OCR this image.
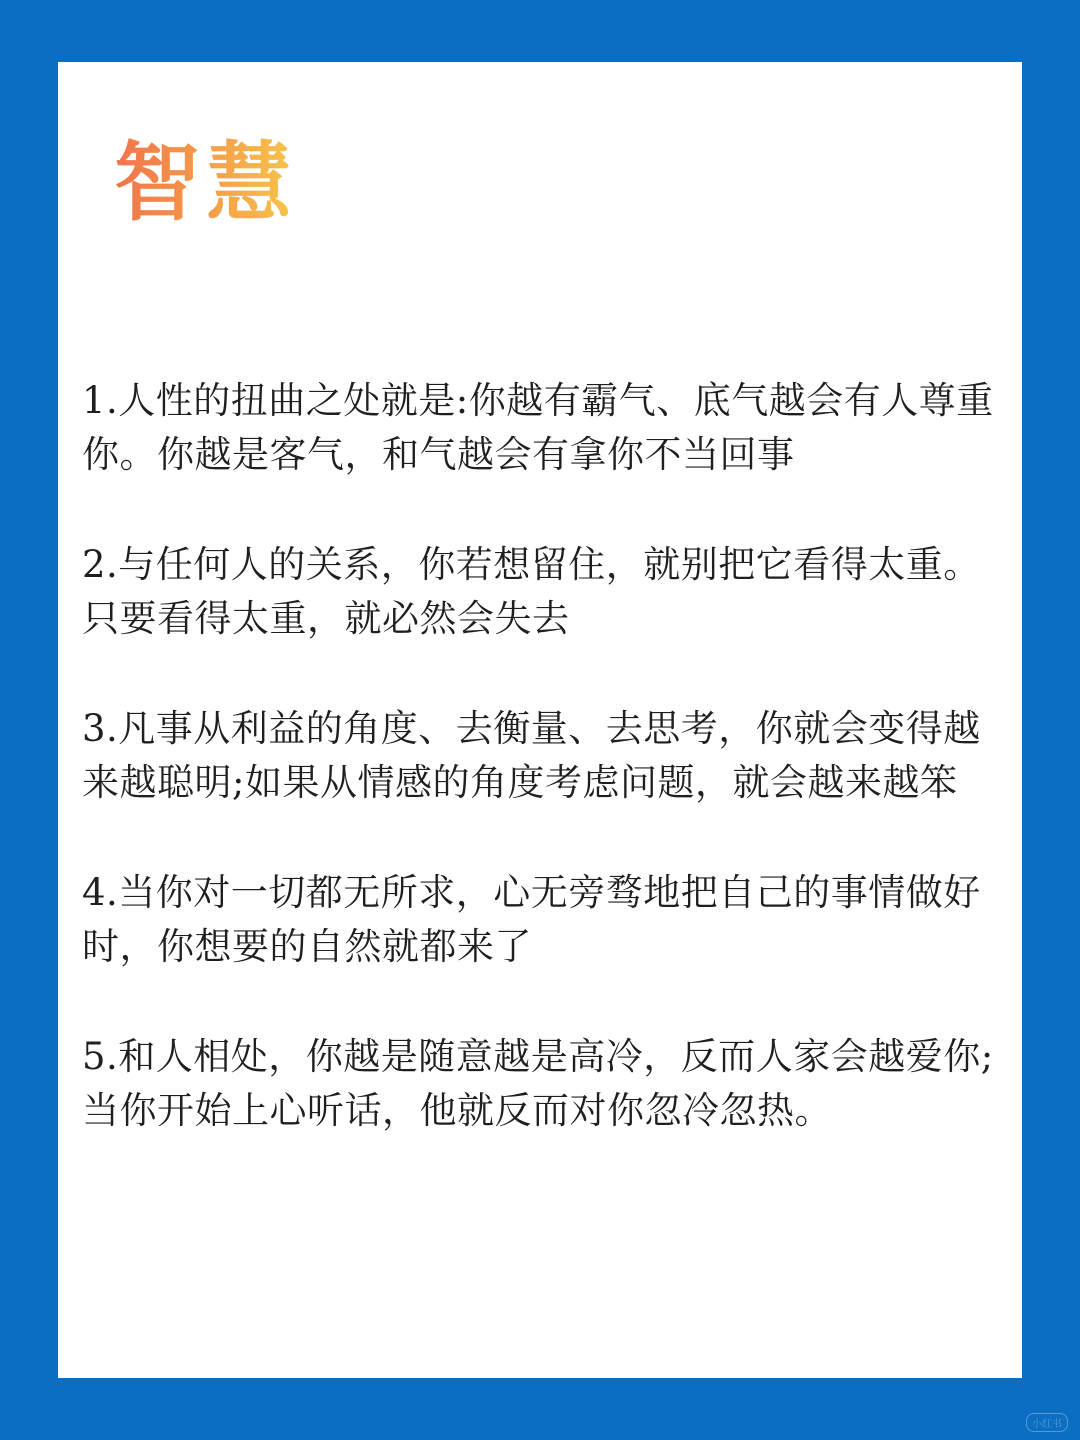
智慧

1.人性的扭曲之处就是:你越有霸气、底气越会有人尊重你。你越是客气，和气越会有拿你不当回事

2.与任何人的关系，你若想留住，就别把它看得太重。只要看得太重，就必然会失去

3.凡事从利益的角度、去衡量、去思考，你就会变得越来越聪明;如果从情感的角度考虑问题，就会越来越笨

4.当你对一切都无所求，心无旁骛地把自己的事情做好时，你想要的自然就都来了

5.和人相处，你越是随意越是高冷，反而人家会越爱你;当你开始上心听话，他就反而对你忽冷忽热。

小红书
